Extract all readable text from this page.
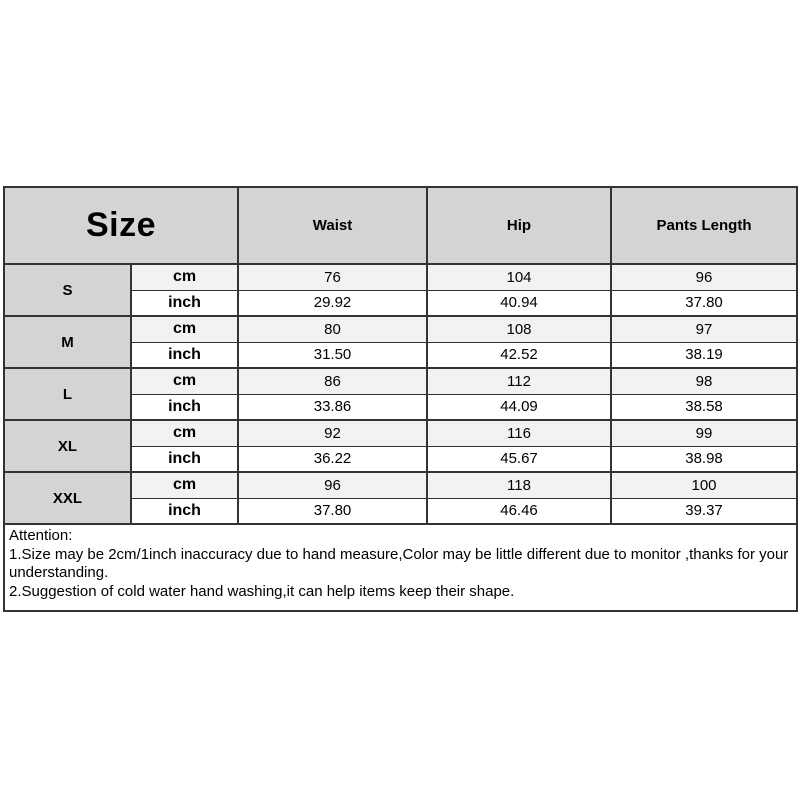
Size		Waist	Hip	Pants Length
S	cm	76	104	96
	inch	29.92	40.94	37.80
M	cm	80	108	97
	inch	31.50	42.52	38.19
L	cm	86	112	98
	inch	33.86	44.09	38.58
XL	cm	92	116	99
	inch	36.22	45.67	38.98
XXL	cm	96	118	100
	inch	37.80	46.46	39.37

Attention:
1.Size may be 2cm/1inch inaccuracy due to hand measure,Color may be little different due to monitor ,thanks for your understanding.
2.Suggestion of cold water hand washing,it can help items keep their shape.				
